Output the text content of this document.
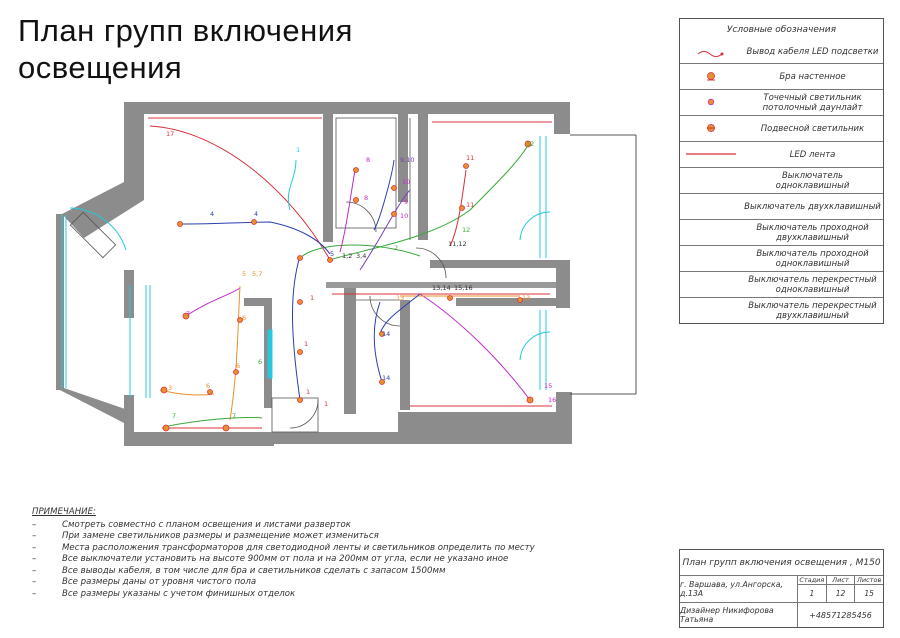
План групп включения
освещения
17
1
8	9,10
10
8	9
10
11
11
12
4	4
5 1,2 3,4
2	11,12
12
6
5,7
5
6
6
7
3
7	7
6
1
1
1
1
13
13,14 15,16
13
14
14
15
16
Условные обозначения
Вывод кабеля LED подсветки
Бра настенное
Точечный светильник потолочный даунлайт
Подвесной светильник
LED лента
Выключатель одноклавишный
Выключатель двухклавишный
Выключатель проходной двухклавишный
Выключатель проходной одноклавишный
Выключатель перекрестный одноклавишный
Выключатель перекрестный двухклавишный
ПРИМЕЧАНИЕ:
–	Смотреть совместно с планом освещения и листами разверток
–	При замене светильников размеры и размещение может измениться
–	Места расположения трансформаторов для светодиодной ленты и светильников определить по месту
–	Все выключатели установить на высоте 900мм от пола и на 200мм от угла, если не указано иное
–	Все выводы кабеля, в том числе для бра и светильников сделать с запасом 1500мм
–	Все размеры даны от уровня чистого пола
–	Все размеры указаны с учетом финишных отделок
План групп включения освещения , М150
г. Варшава, ул.Ангорска, д.13А
Стадия
1
Лист
12
Листов
15
Дизайнер Никифорова Татьяна	+48571285456
